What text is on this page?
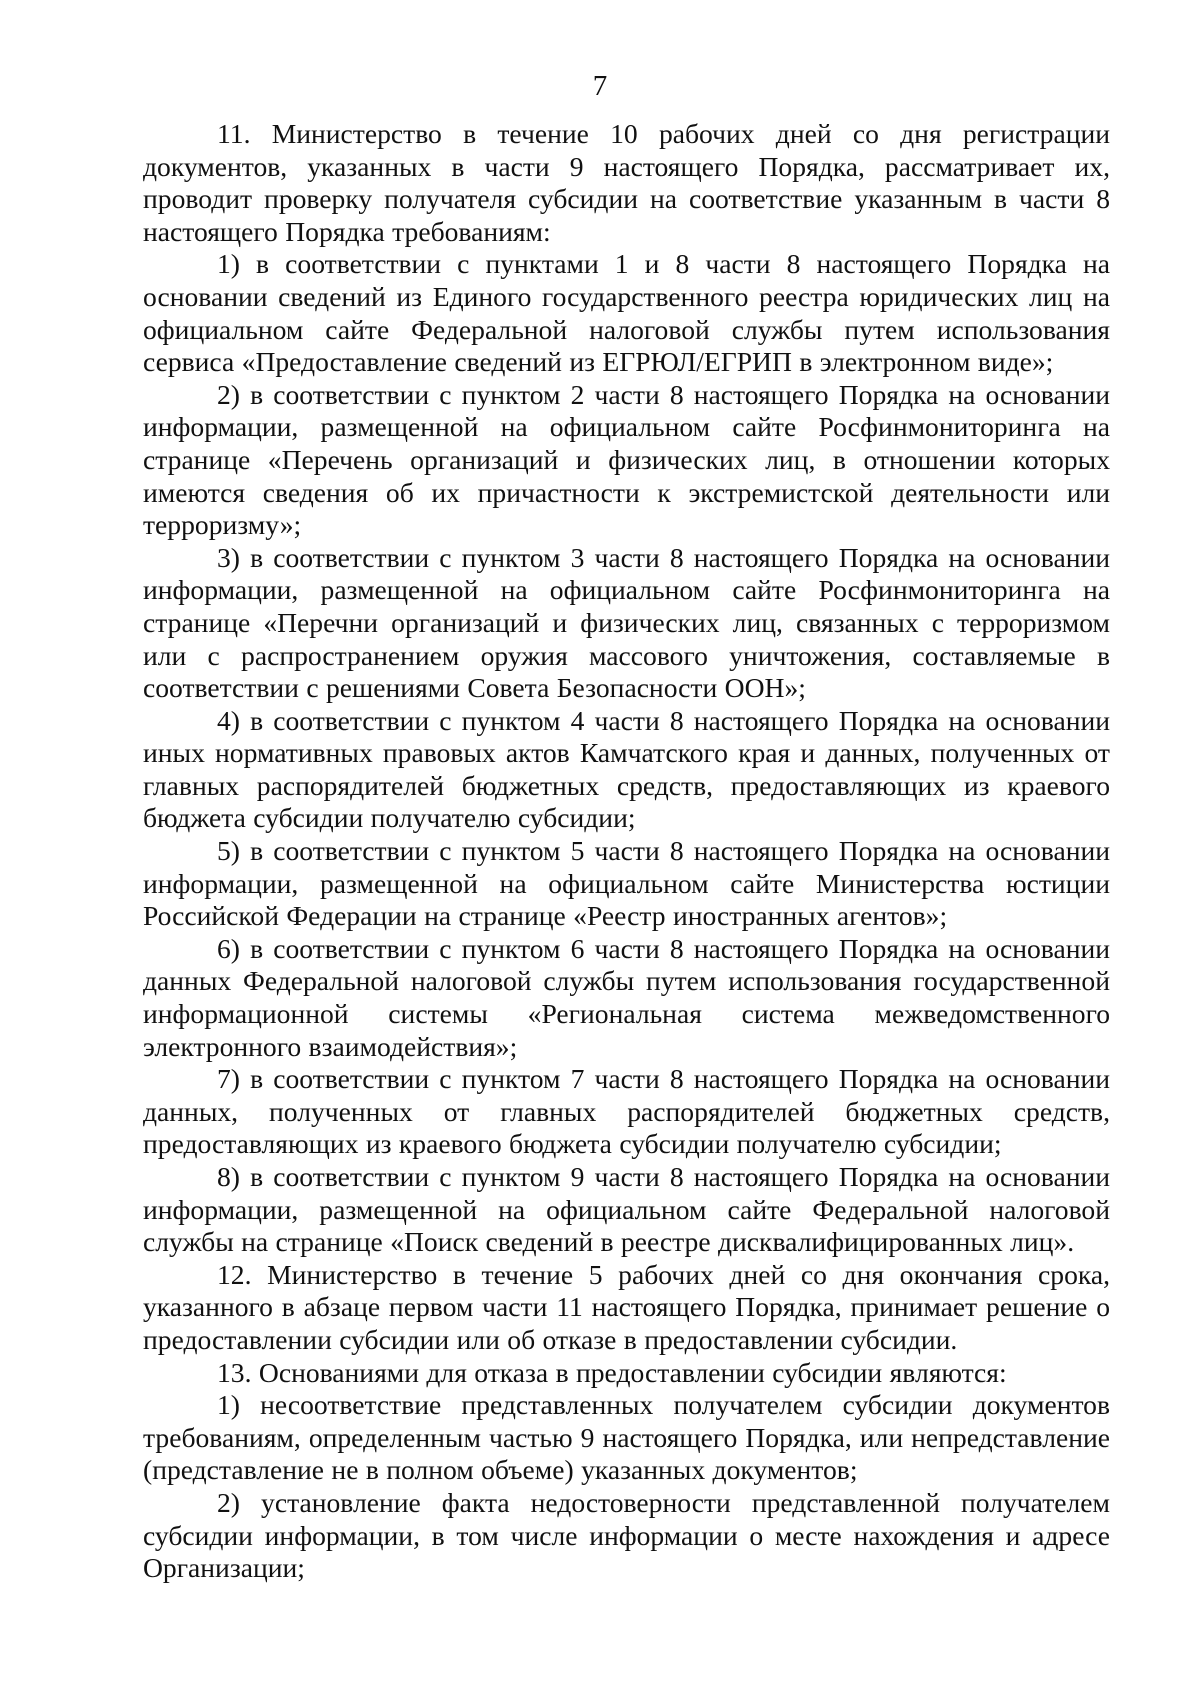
7

11. Министерство в течение 10 рабочих дней со дня регистрации документов, указанных в части 9 настоящего Порядка, рассматривает их, проводит проверку получателя субсидии на соответствие указанным в части 8 настоящего Порядка требованиям:

1) в соответствии с пунктами 1 и 8 части 8 настоящего Порядка на основании сведений из Единого государственного реестра юридических лиц на официальном сайте Федеральной налоговой службы путем использования сервиса «Предоставление сведений из ЕГРЮЛ/ЕГРИП в электронном виде»;

2) в соответствии с пунктом 2 части 8 настоящего Порядка на основании информации, размещенной на официальном сайте Росфинмониторинга на странице «Перечень организаций и физических лиц, в отношении которых имеются сведения об их причастности к экстремистской деятельности или терроризму»;

3) в соответствии с пунктом 3 части 8 настоящего Порядка на основании информации, размещенной на официальном сайте Росфинмониторинга на странице «Перечни организаций и физических лиц, связанных с терроризмом или с распространением оружия массового уничтожения, составляемые в соответствии с решениями Совета Безопасности ООН»;

4) в соответствии с пунктом 4 части 8 настоящего Порядка на основании иных нормативных правовых актов Камчатского края и данных, полученных от главных распорядителей бюджетных средств, предоставляющих из краевого бюджета субсидии получателю субсидии;

5) в соответствии с пунктом 5 части 8 настоящего Порядка на основании информации, размещенной на официальном сайте Министерства юстиции Российской Федерации на странице «Реестр иностранных агентов»;

6) в соответствии с пунктом 6 части 8 настоящего Порядка на основании данных Федеральной налоговой службы путем использования государственной информационной системы «Региональная система межведомственного электронного взаимодействия»;

7) в соответствии с пунктом 7 части 8 настоящего Порядка на основании данных, полученных от главных распорядителей бюджетных средств, предоставляющих из краевого бюджета субсидии получателю субсидии;

8) в соответствии с пунктом 9 части 8 настоящего Порядка на основании информации, размещенной на официальном сайте Федеральной налоговой службы на странице «Поиск сведений в реестре дисквалифицированных лиц».

12. Министерство в течение 5 рабочих дней со дня окончания срока, указанного в абзаце первом части 11 настоящего Порядка, принимает решение о предоставлении субсидии или об отказе в предоставлении субсидии.

13. Основаниями для отказа в предоставлении субсидии являются:

1) несоответствие представленных получателем субсидии документов требованиям, определенным частью 9 настоящего Порядка, или непредставление (представление не в полном объеме) указанных документов;

2) установление факта недостоверности представленной получателем субсидии информации, в том числе информации о месте нахождения и адресе Организации;
